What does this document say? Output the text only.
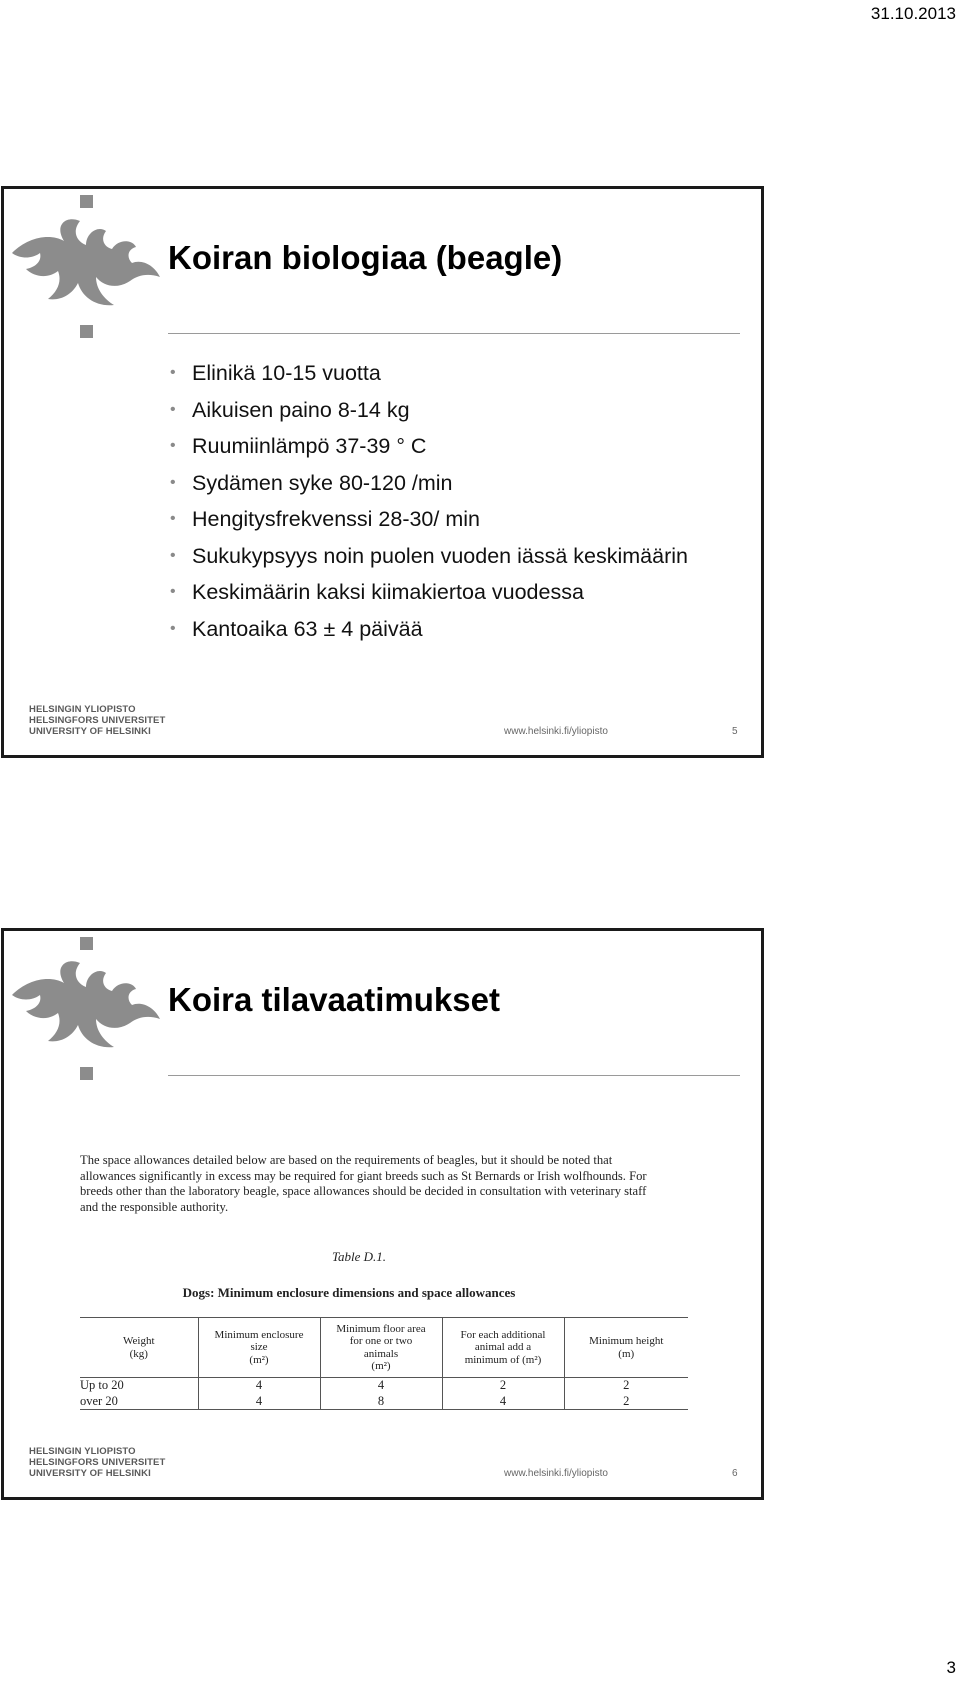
31.10.2013
Koiran biologiaa (beagle)
• Elinikä 10-15 vuotta
• Aikuisen paino 8-14 kg
• Ruumiinlämpö 37-39 ° C
• Sydämen syke 80-120 /min
• Hengitysfrekvenssi 28-30/ min
• Sukukypsyys noin puolen vuoden iässä keskimäärin
• Keskimäärin kaksi kiimakiertoa vuodessa
• Kantoaika 63 ± 4 päivää
HELSINGIN YLIOPISTO
HELSINGFORS UNIVERSITET
UNIVERSITY OF HELSINKI	www.helsinki.fi/yliopisto	5
Koira tilavaatimukset
The space allowances detailed below are based on the requirements of beagles, but it should be noted that
allowances significantly in excess may be required for giant breeds such as St Bernards or Irish wolfhounds. For
breeds other than the laboratory beagle, space allowances should be decided in consultation with veterinary staff
and the responsible authority.
Table D.1.
Dogs: Minimum enclosure dimensions and space allowances
Weight
(kg)	Minimum enclosure
size
(m²)	Minimum floor area
for one or two
animals
(m²)	For each additional
animal add a
minimum of (m²)	Minimum height
(m)

Up to 20	4	4	2	2
over 20	4	8	4	2
HELSINGIN YLIOPISTO
HELSINGFORS UNIVERSITET
UNIVERSITY OF HELSINKI	www.helsinki.fi/yliopisto	6
3
